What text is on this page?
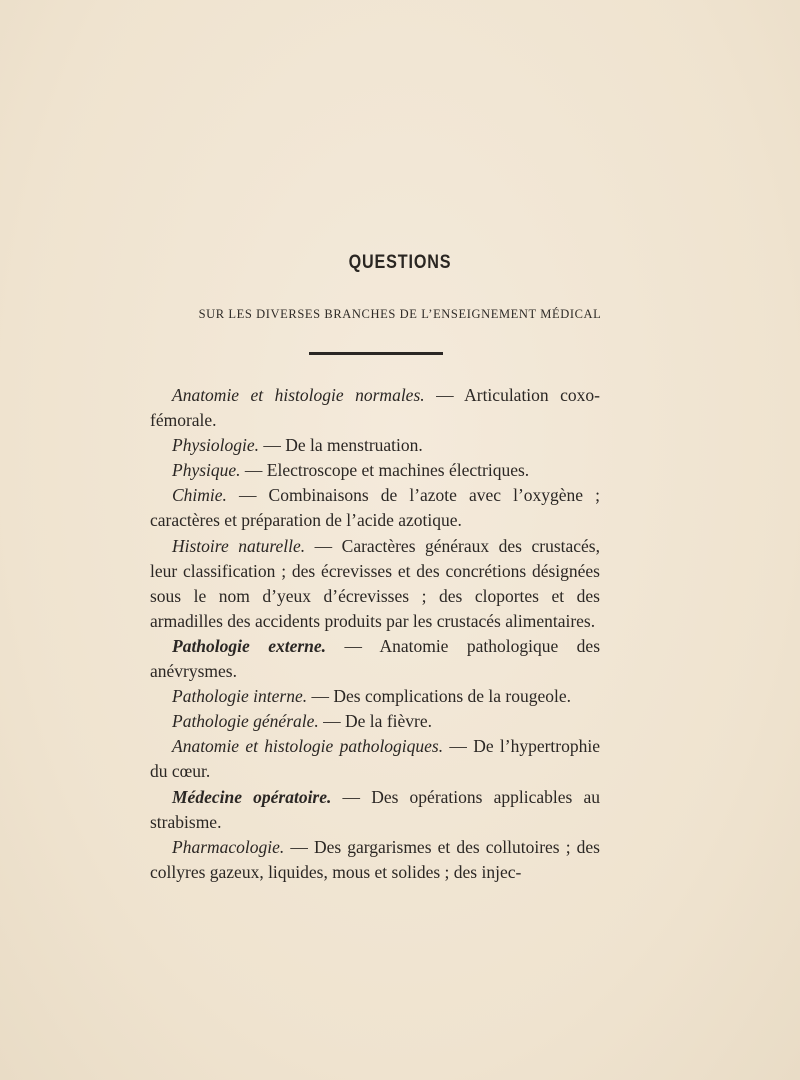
QUESTIONS
SUR LES DIVERSES BRANCHES DE L’ENSEIGNEMENT MÉDICAL

Anatomie et histologie normales. — Articulation coxo-fémorale.

Physiologie. — De la menstruation.

Physique. — Electroscope et machines électriques.

Chimie. — Combinaisons de l’azote avec l’oxygène ; caractères et préparation de l’acide azotique.

Histoire naturelle. — Caractères généraux des crustacés, leur classification ; des écrevisses et des concrétions désignées sous le nom d’yeux d’écrevisses ; des cloportes et des armadilles des accidents produits par les crustacés alimentaires.

Pathologie externe. — Anatomie pathologique des anévrysmes.

Pathologie interne. — Des complications de la rougeole.

Pathologie générale. — De la fièvre.

Anatomie et histologie pathologiques. — De l’hypertrophie du cœur.

Médecine opératoire. — Des opérations applicables au strabisme.

Pharmacologie. — Des gargarismes et des collutoires ; des collyres gazeux, liquides, mous et solides ; des injec-
